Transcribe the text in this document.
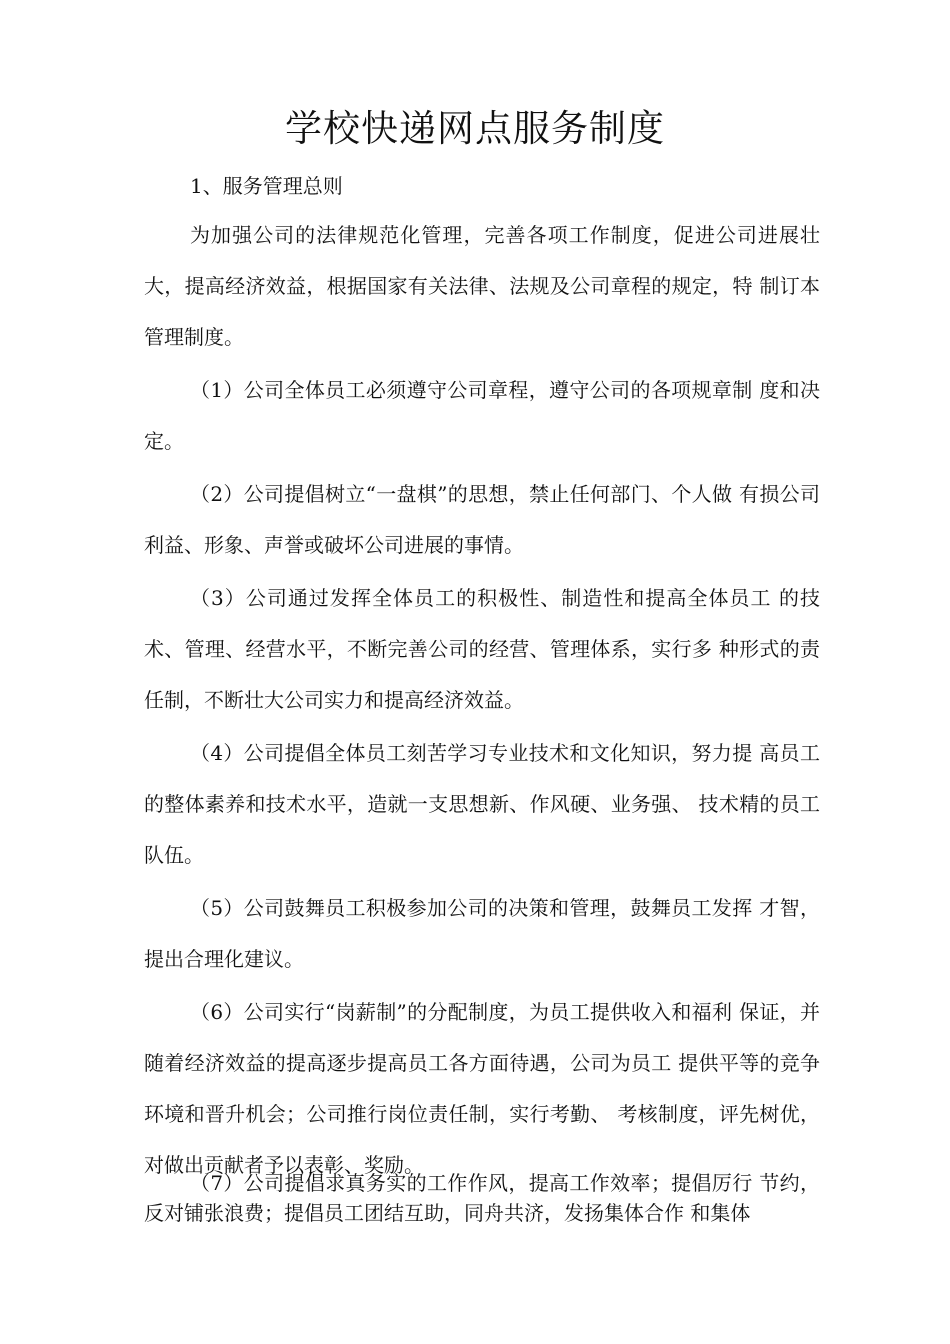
学校快递网点服务制度
1、服务管理总则

为加强公司的法律规范化管理，完善各项工作制度，促进公司进展壮大，提高经济效益，根据国家有关法律、法规及公司章程的规定，特 制订本管理制度。

（1）公司全体员工必须遵守公司章程，遵守公司的各项规章制 度和决定。

（2）公司提倡树立“一盘棋”的思想，禁止任何部门、个人做 有损公司利益、形象、声誉或破坏公司进展的事情。

（3）公司通过发挥全体员工的积极性、制造性和提高全体员工 的技术、管理、经营水平，不断完善公司的经营、管理体系，实行多 种形式的责任制，不断壮大公司实力和提高经济效益。

（4）公司提倡全体员工刻苦学习专业技术和文化知识，努力提 高员工的整体素养和技术水平，造就一支思想新、作风硬、业务强、 技术精的员工队伍。

（5）公司鼓舞员工积极参加公司的决策和管理，鼓舞员工发挥 才智，提出合理化建议。

（6）公司实行“岗薪制”的分配制度，为员工提供收入和福利 保证，并随着经济效益的提高逐步提高员工各方面待遇，公司为员工 提供平等的竞争环境和晋升机会；公司推行岗位责任制，实行考勤、 考核制度，评先树优，对做出贡献者予以表彰、奖励。

（7）公司提倡求真务实的工作作风，提高工作效率；提倡厉行 节约，反对铺张浪费；提倡员工团结互助，同舟共济，发扬集体合作 和集体
